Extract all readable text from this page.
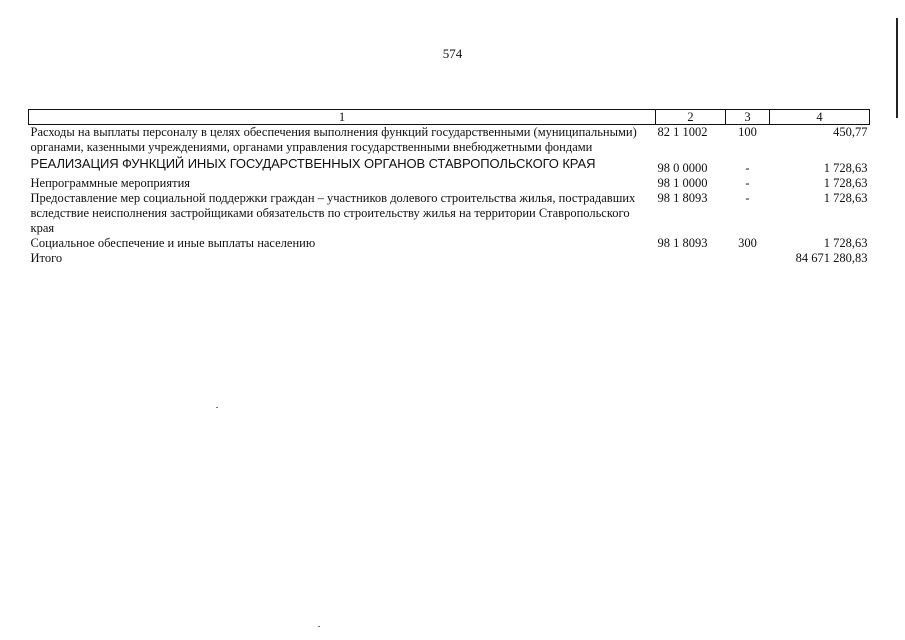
574
1	2	3	4
Расходы на выплаты персоналу в целях обеспечения выполнения функций государственными (муниципальными) органами, казенными учреждениями, органами управления государственными внебюджетными фондами	82 1 1002	100	450,77
РЕАЛИЗАЦИЯ ФУНКЦИЙ ИНЫХ ГОСУДАРСТВЕННЫХ ОРГАНОВ СТАВРОПОЛЬСКОГО КРАЯ	98 0 0000	-	1 728,63
Непрограммные мероприятия	98 1 0000	-	1 728,63
Предоставление мер социальной поддержки граждан – участников долевого строительства жилья, пострадавших вследствие неисполнения застройщиками обязательств по строительству жилья на территории Ставропольского края	98 1 8093	-	1 728,63
Социальное обеспечение и иные выплаты населению	98 1 8093	300	1 728,63
Итого			84 671 280,83
